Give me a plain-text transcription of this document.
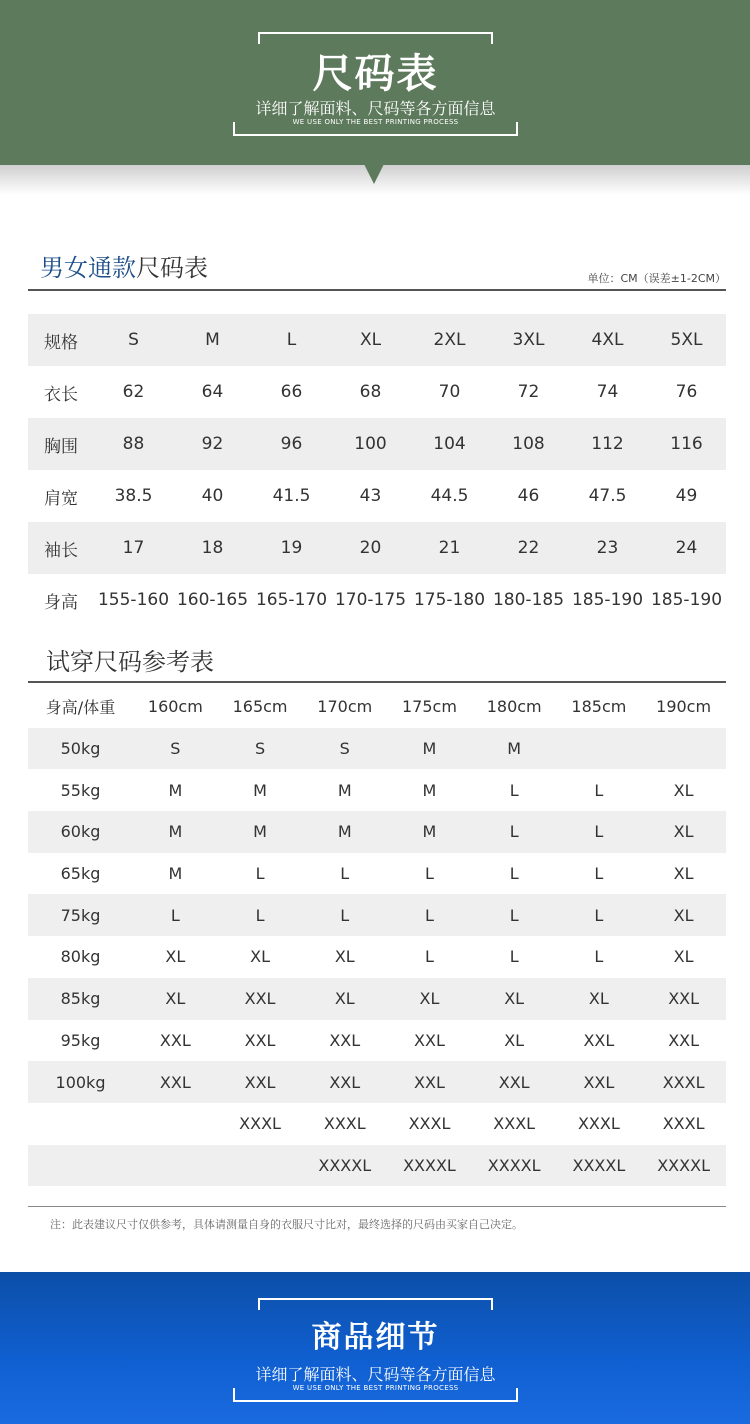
尺码表
详细了解面料、尺码等各方面信息
WE USE ONLY THE BEST PRINTING PROCESS
男女通款尺码表	单位：CM（误差±1-2CM）
规格	S	M	L	XL	2XL	3XL	4XL	5XL
衣长	62	64	66	68	70	72	74	76
胸围	88	92	96	100	104	108	112	116
肩宽	38.5	40	41.5	43	44.5	46	47.5	49
袖长	17	18	19	20	21	22	23	24
身高	155-160	160-165	165-170	170-175	175-180	180-185	185-190	185-190
试穿尺码参考表
身高/体重	160cm	165cm	170cm	175cm	180cm	185cm	190cm
50kg	S	S	S	M	M		
55kg	M	M	M	M	L	L	XL
60kg	M	M	M	M	L	L	XL
65kg	M	L	L	L	L	L	XL
75kg	L	L	L	L	L	L	XL
80kg	XL	XL	XL	L	L	L	XL
85kg	XL	XXL	XL	XL	XL	XL	XXL
95kg	XXL	XXL	XXL	XXL	XL	XXL	XXL
100kg	XXL	XXL	XXL	XXL	XXL	XXL	XXXL
		XXXL	XXXL	XXXL	XXXL	XXXL	XXXL
			XXXXL	XXXXL	XXXXL	XXXXL	XXXXL
注：此表建议尺寸仅供参考，具体请测量自身的衣服尺寸比对，最终选择的尺码由买家自己决定。
商品细节
详细了解面料、尺码等各方面信息
WE USE ONLY THE BEST PRINTING PROCESS
